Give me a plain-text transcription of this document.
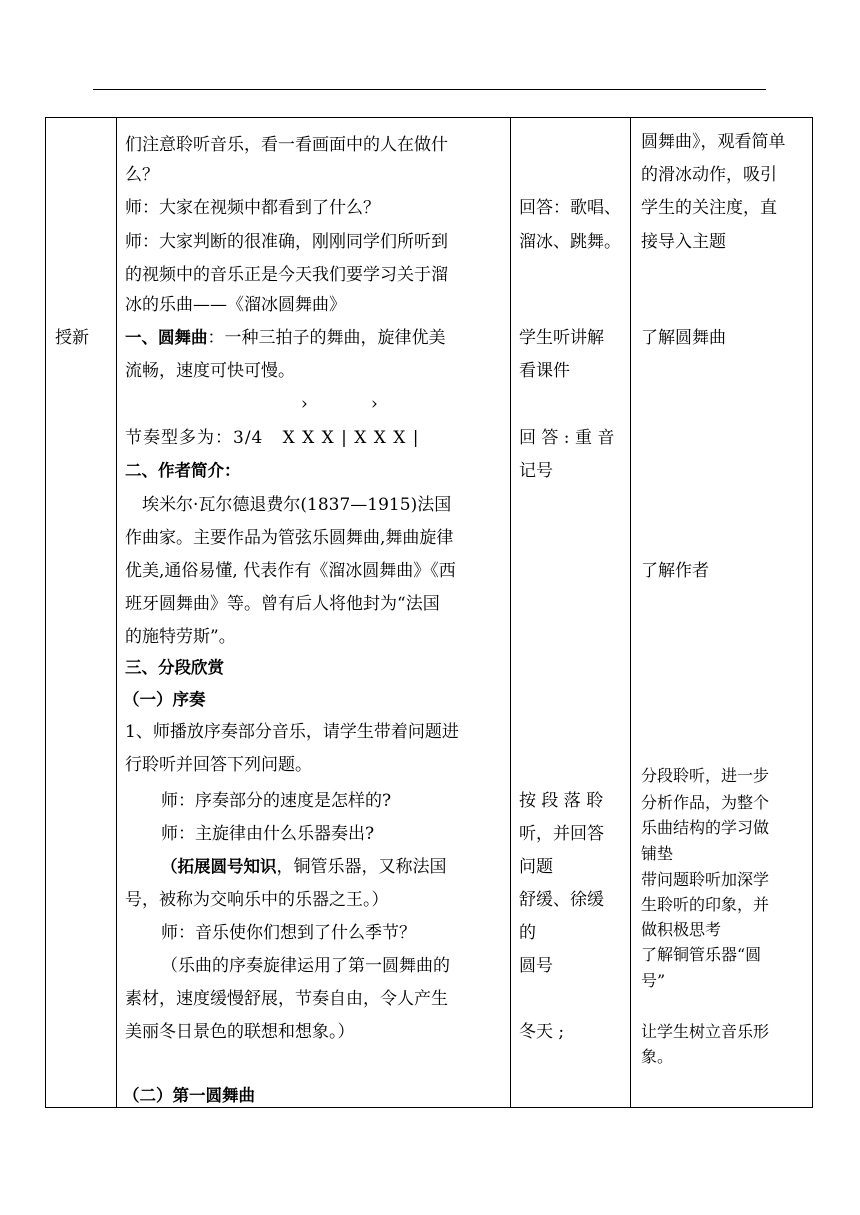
授新
们注意聆听音乐，看一看画面中的人在做什
么？
师：大家在视频中都看到了什么？
师：大家判断的很准确，刚刚同学们所听到
的视频中的音乐正是今天我们要学习关于溜
冰的乐曲——《溜冰圆舞曲》
一、圆舞曲：一种三拍子的舞曲，旋律优美
流畅，速度可快可慢。
›	›
节奏型多为：3/4   X X X | X X X |
二、作者简介：
埃米尔·瓦尔德退费尔(1837—1915)法国
作曲家。主要作品为管弦乐圆舞曲,舞曲旋律
优美,通俗易懂, 代表作有《溜冰圆舞曲》《西
班牙圆舞曲》等。曾有后人将他封为“法国
的施特劳斯”。
三、分段欣赏
（一）序奏
1、师播放序奏部分音乐，请学生带着问题进
行聆听并回答下列问题。
师：序奏部分的速度是怎样的?
师：主旋律由什么乐器奏出?
（拓展圆号知识，铜管乐器，又称法国
号，被称为交响乐中的乐器之王。）
师：音乐使你们想到了什么季节？
（乐曲的序奏旋律运用了第一圆舞曲的
素材，速度缓慢舒展，节奏自由，令人产生
美丽冬日景色的联想和想象。）
（二）第一圆舞曲
回答：歌唱、
溜冰、跳舞。
学生听讲解
看课件
回 答 : 重 音
记号
按 段 落 聆
听，并回答
问题
舒缓、徐缓
的
圆号
冬天 ;
圆舞曲》，观看简单
的滑冰动作，吸引
学生的关注度，直
接导入主题
了解圆舞曲
了解作者
分段聆听，进一步
分析作品，为整个
乐曲结构的学习做
铺垫
带问题聆听加深学
生聆听的印象，并
做积极思考
了解铜管乐器“圆
号”
让学生树立音乐形
象。
